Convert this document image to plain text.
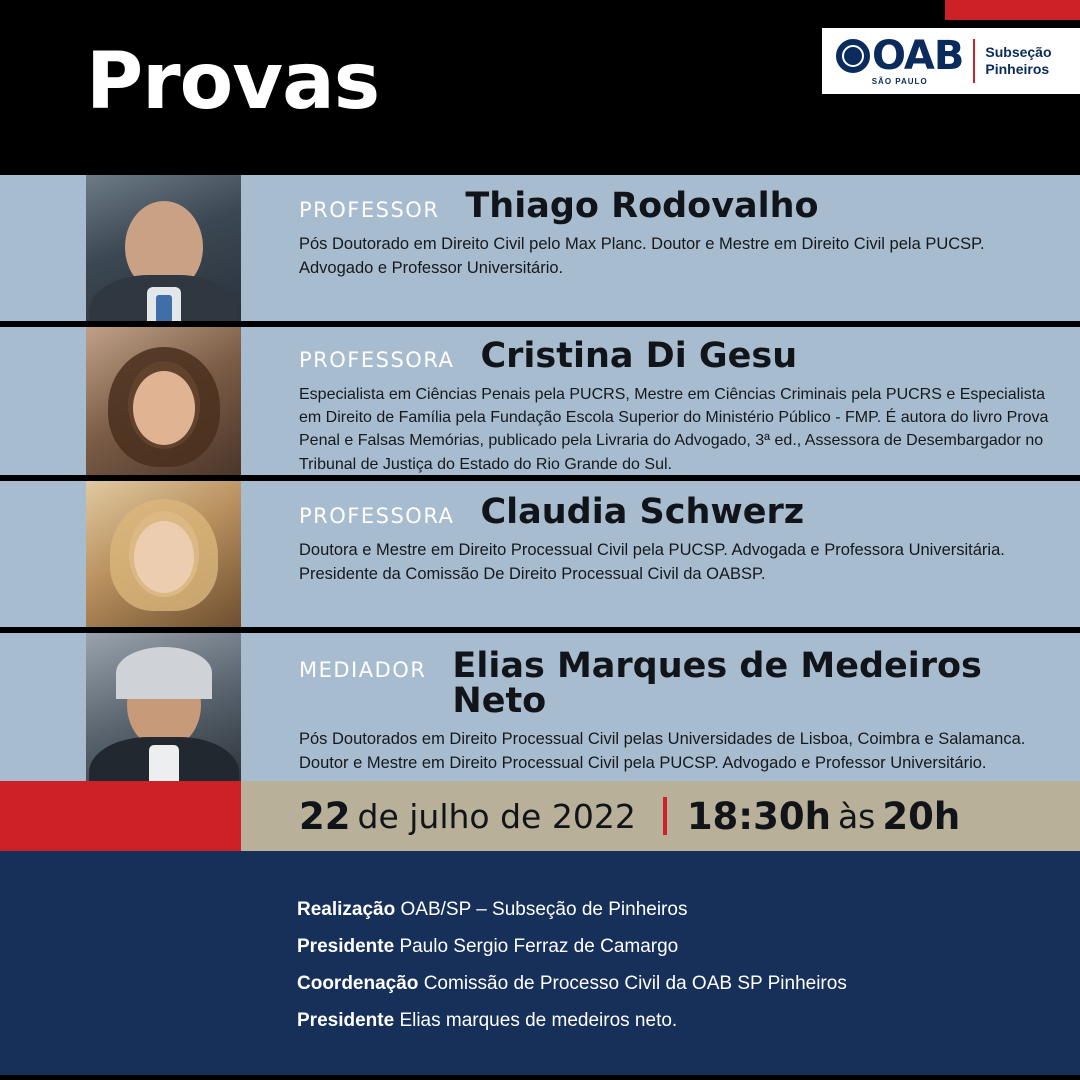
Provas	OAB
SÃO PAULO
Subseção
Pinheiros
PROFESSOR Thiago Rodovalho
Pós Doutorado em Direito Civil pelo Max Planc. Doutor e Mestre em Direito Civil pela PUCSP. Advogado e Professor Universitário.
PROFESSORA Cristina Di Gesu
Especialista em Ciências Penais pela PUCRS, Mestre em Ciências Criminais pela PUCRS e Especialista em Direito de Família pela Fundação Escola Superior do Ministério Público - FMP. É autora do livro Prova Penal e Falsas Memórias, publicado pela Livraria do Advogado, 3ª ed., Assessora de Desembargador no Tribunal de Justiça do Estado do Rio Grande do Sul.
PROFESSORA Claudia Schwerz
Doutora e Mestre em Direito Processual Civil pela PUCSP. Advogada e Professora Universitária. Presidente da Comissão De Direito Processual Civil da OABSP.
MEDIADOR Elias Marques de Medeiros Neto
Pós Doutorados em Direito Processual Civil pelas Universidades de Lisboa, Coimbra e Salamanca. Doutor e Mestre em Direito Processual Civil pela PUCSP. Advogado e Professor Universitário.
22 de julho de 2022 18:30h às 20h
Realização OAB/SP – Subseção de Pinheiros
Presidente Paulo Sergio Ferraz de Camargo
Coordenação Comissão de Processo Civil da OAB SP Pinheiros
Presidente Elias marques de medeiros neto.
